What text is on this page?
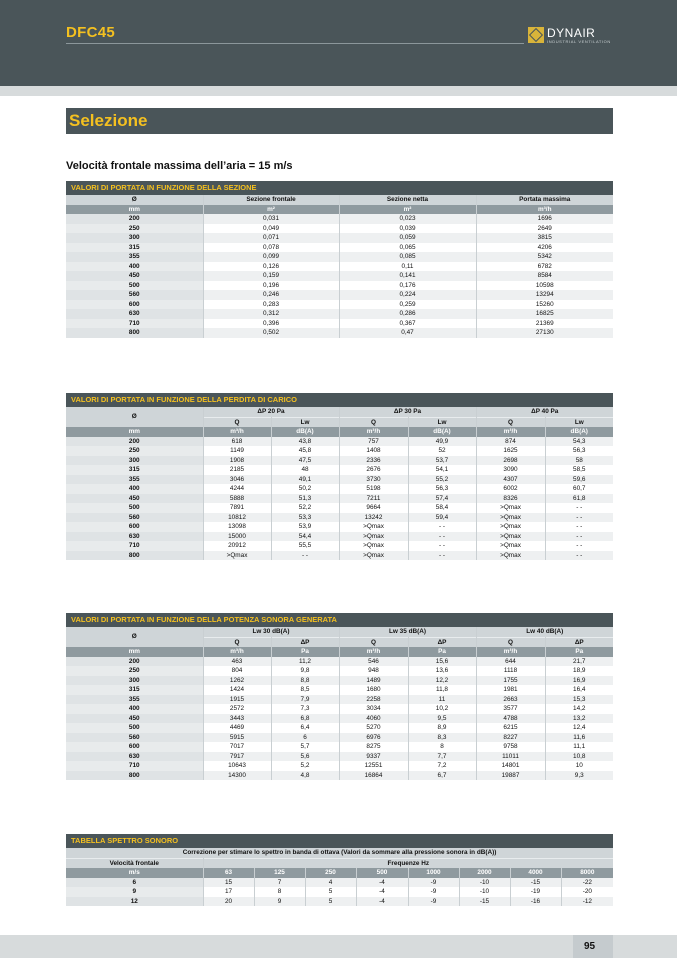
DFC45	DYNAIR
INDUSTRIAL VENTILATION
Selezione
Velocità frontale massima dell’aria = 15 m/s
VALORI DI PORTATA IN FUNZIONE DELLA SEZIONE
Ø	Sezione frontale	Sezione netta	Portata massima
mm	m²	m²	m³/h
200	0,031	0,023	1696
250	0,049	0,039	2649
300	0,071	0,059	3815
315	0,078	0,065	4206
355	0,099	0,085	5342
400	0,126	0,11	6782
450	0,159	0,141	8584
500	0,196	0,176	10598
560	0,246	0,224	13294
600	0,283	0,259	15260
630	0,312	0,286	16825
710	0,396	0,367	21369
800	0,502	0,47	27130
VALORI DI PORTATA IN FUNZIONE DELLA PERDITA DI CARICO
Ø	ΔP 20 Pa		ΔP 30 Pa		ΔP 40 Pa	
	Q	Lw	Q	Lw	Q	Lw
mm	m³/h	dB(A)	m³/h	dB(A)	m³/h	dB(A)
200	618	43,8	757	49,9	874	54,3
250	1149	45,8	1408	52	1625	56,3
300	1908	47,5	2336	53,7	2698	58
315	2185	48	2676	54,1	3090	58,5
355	3046	49,1	3730	55,2	4307	59,6
400	4244	50,2	5198	56,3	6002	60,7
450	5888	51,3	7211	57,4	8326	61,8
500	7891	52,2	9664	58,4	>Qmax	- -
560	10812	53,3	13242	59,4	>Qmax	- -
600	13098	53,9	>Qmax	- -	>Qmax	- -
630	15000	54,4	>Qmax	- -	>Qmax	- -
710	20912	55,5	>Qmax	- -	>Qmax	- -
800	>Qmax	- -	>Qmax	- -	>Qmax	- -
VALORI DI PORTATA IN FUNZIONE DELLA POTENZA SONORA GENERATA
Ø	Lw 30 dB(A)		Lw 35 dB(A)		Lw 40 dB(A)	
	Q	ΔP	Q	ΔP	Q	ΔP
mm	m³/h	Pa	m³/h	Pa	m³/h	Pa
200	463	11,2	546	15,6	644	21,7
250	804	9,8	948	13,6	1118	18,9
300	1262	8,8	1489	12,2	1755	16,9
315	1424	8,5	1680	11,8	1981	16,4
355	1915	7,9	2258	11	2663	15,3
400	2572	7,3	3034	10,2	3577	14,2
450	3443	6,8	4060	9,5	4788	13,2
500	4469	6,4	5270	8,9	6215	12,4
560	5915	6	6976	8,3	8227	11,6
600	7017	5,7	8275	8	9758	11,1
630	7917	5,6	9337	7,7	11011	10,8
710	10643	5,2	12551	7,2	14801	10
800	14300	4,8	16864	6,7	19887	9,3
TABELLA SPETTRO SONORO
Correzione per stimare lo spettro in banda di ottava (Valori da sommare alla pressione sonora in dB(A))								
Velocità frontale	Frequenze Hz							
m/s	63	125	250	500	1000	2000	4000	8000
6	15	7	4	-4	-9	-10	-15	-22
9	17	8	5	-4	-9	-10	-19	-20
12	20	9	5	-4	-9	-15	-16	-12
95
